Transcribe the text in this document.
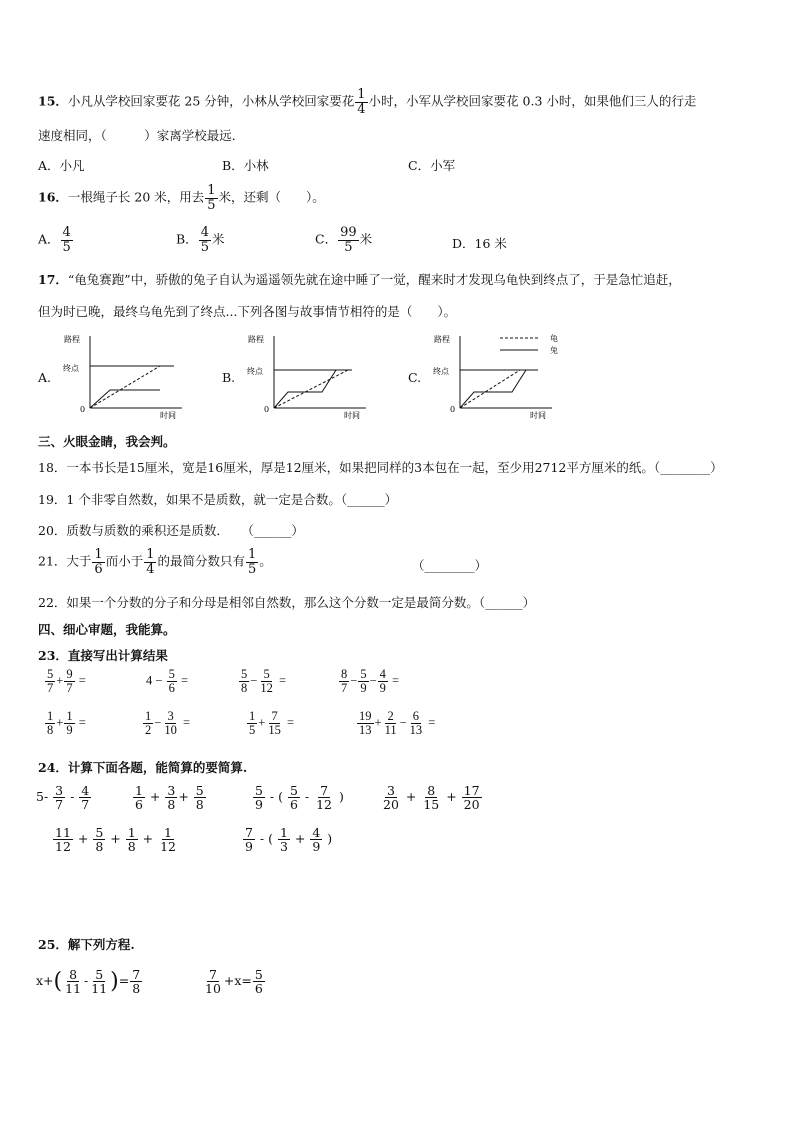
15．小凡从学校回家要花 25 分钟，小林从学校回家要花 $\frac{1}{4}$ 小时，小军从学校回家要花 0.3 小时，如果他们三人的行走
速度相同，（　　　）家离学校最远．
A．小凡	B．小林	C．小军
16．一根绳子长 20 米，用去 $\frac{1}{5}$ 米，还剩（　　）。
A． $\frac{4}{5}$	B． $\frac{4}{5}$ 米	C． $\frac{99}{5}$ 米	D．16 米
17．“龟兔赛跑”中，骄傲的兔子自认为遥遥领先就在途中睡了一觉，醒来时才发现乌龟快到终点了，于是急忙追赶，
但为时已晚，最终乌龟先到了终点...下列各图与故事情节相符的是（　　）。
A.	B.	C.
路程
终点
0
时间
路程
终点
0
时间
路程
终点
0
时间
龟
兔
三、火眼金睛，我会判。
18．一本书长是15厘米，宽是16厘米，厚是12厘米，如果把同样的3本包在一起，至少用2712平方厘米的纸。（________）
19．1 个非零自然数，如果不是质数，就一定是合数。（______）
20．质数与质数的乘积还是质数．　　（______）
21．大于 $\frac{1}{6}$ 而小于 $\frac{1}{4}$ 的最简分数只有 $\frac{1}{5}$ 。	（________）
22．如果一个分数的分子和分母是相邻自然数，那么这个分数一定是最简分数。（______）
四、细心审题，我能算。
23．直接写出计算结果
$\frac{5}{7} + \frac{9}{7}$ =	$4 - \frac{5}{6}$ =	$\frac{5}{8} - \frac{5}{12}$ =	$\frac{8}{7} - \frac{5}{9} - \frac{4}{9}$ =
$\frac{1}{8} + \frac{1}{9}$ =	$\frac{1}{2} - \frac{3}{10}$ =	$\frac{1}{5} + \frac{7}{15}$ =	$\frac{19}{13} + \frac{2}{11} - \frac{6}{13}$ =
24．计算下面各题，能简算的要简算.
$5- \frac{3}{7} - \frac{4}{7}$	$\frac{1}{6} + \frac{3}{8} + \frac{5}{8}$	$\frac{5}{9}$ - ( $\frac{5}{6} - \frac{7}{12}$ )	$\frac{3}{20} + \frac{8}{15} + \frac{17}{20}$
$\frac{11}{12} + \frac{5}{8} + \frac{1}{8} + \frac{1}{12}$	$\frac{7}{9}$ - ( $\frac{1}{3} + \frac{4}{9}$ )
25．解下列方程.
$x+( \frac{8}{11} - \frac{5}{11}$ )= $\frac{7}{8}$	$\frac{7}{10} +x= \frac{5}{6}$
